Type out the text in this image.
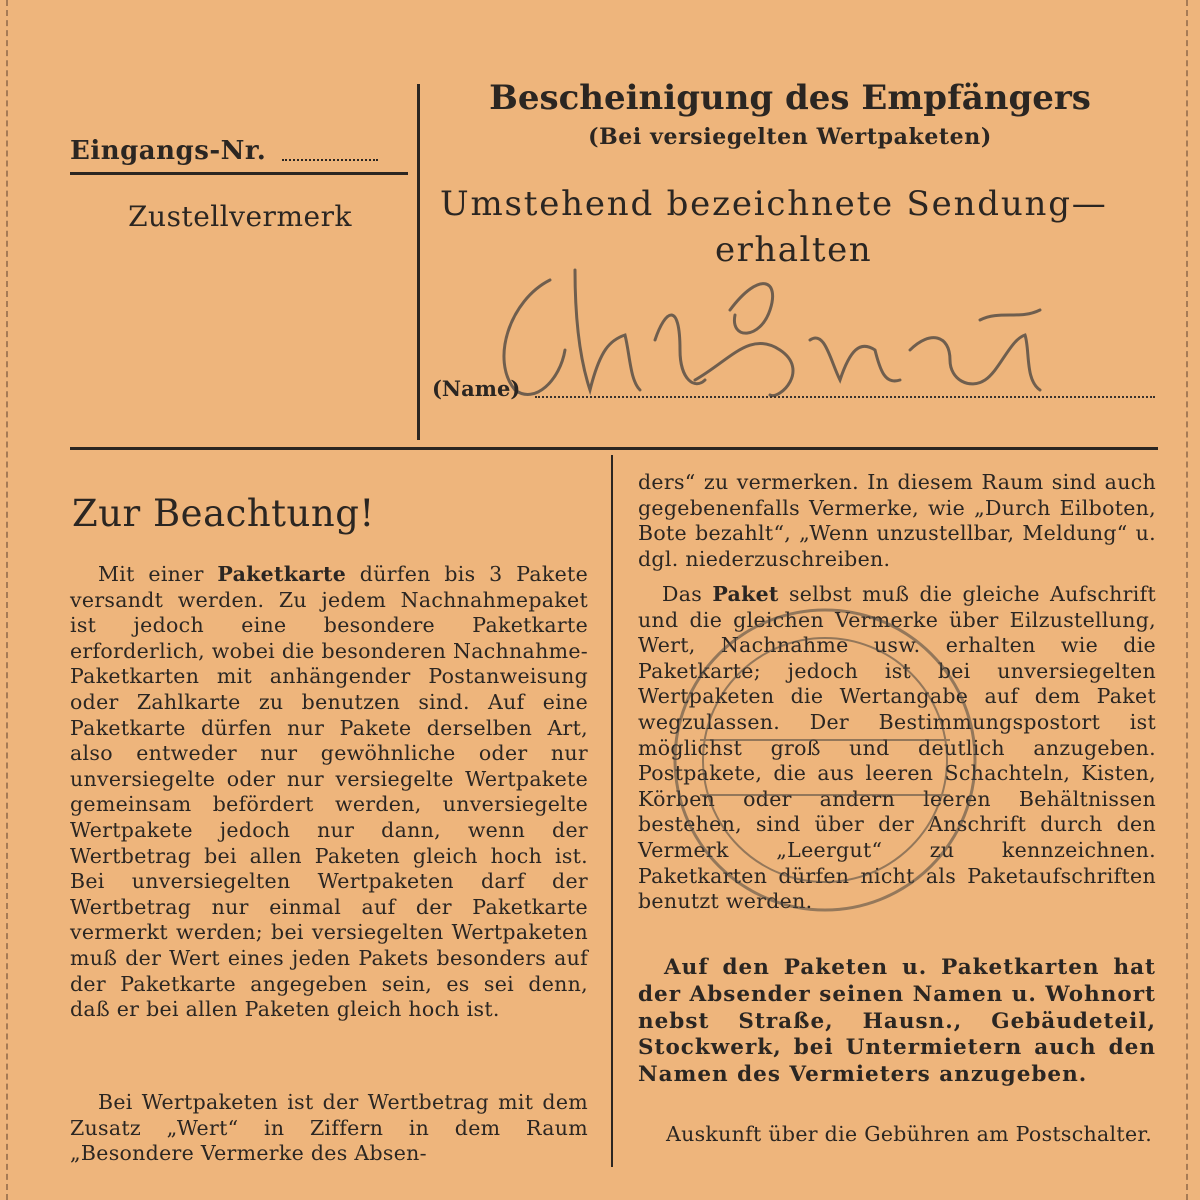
Eingangs-Nr.
Zustellvermerk
Bescheinigung des Empfängers
(Bei versiegelten Wertpaketen)
Umstehend bezeichnete Sendung—
erhalten
(Name)
Zur Beachtung!
Mit einer Paketkarte dürfen bis 3 Pakete versandt werden. Zu jedem Nachnahmepaket ist jedoch eine besondere Paketkarte erforderlich, wobei die besonderen Nachnahme-Paketkarten mit anhängender Postanweisung oder Zahlkarte zu benutzen sind. Auf eine Paketkarte dürfen nur Pakete derselben Art, also entweder nur gewöhnliche oder nur unversiegelte oder nur versiegelte Wertpakete gemeinsam befördert werden, unversiegelte Wertpakete jedoch nur dann, wenn der Wertbetrag bei allen Paketen gleich hoch ist. Bei unversiegelten Wertpaketen darf der Wertbetrag nur einmal auf der Paketkarte vermerkt werden; bei versiegelten Wertpaketen muß der Wert eines jeden Pakets besonders auf der Paketkarte angegeben sein, es sei denn, daß er bei allen Paketen gleich hoch ist.
Bei Wertpaketen ist der Wertbetrag mit dem Zusatz „Wert“ in Ziffern in dem Raum „Besondere Vermerke des Absen-
ders“ zu vermerken. In diesem Raum sind auch gegebenenfalls Vermerke, wie „Durch Eilboten, Bote bezahlt“, „Wenn unzustellbar, Meldung“ u. dgl. niederzuschreiben.
Das Paket selbst muß die gleiche Aufschrift und die gleichen Vermerke über Eilzustellung, Wert, Nachnahme usw. erhalten wie die Paketkarte; jedoch ist bei unversiegelten Wertpaketen die Wertangabe auf dem Paket wegzulassen. Der Bestimmungspostort ist möglichst groß und deutlich anzugeben. Postpakete, die aus leeren Schachteln, Kisten, Körben oder andern leeren Behältnissen bestehen, sind über der Anschrift durch den Vermerk „Leergut“ zu kennzeichnen. Paketkarten dürfen nicht als Paketaufschriften benutzt werden.
Auf den Paketen u. Paketkarten hat der Absender seinen Namen u. Wohnort nebst Straße, Hausn., Gebäudeteil, Stockwerk, bei Untermietern auch den Namen des Vermieters anzugeben.
Auskunft über die Gebühren am Postschalter.
